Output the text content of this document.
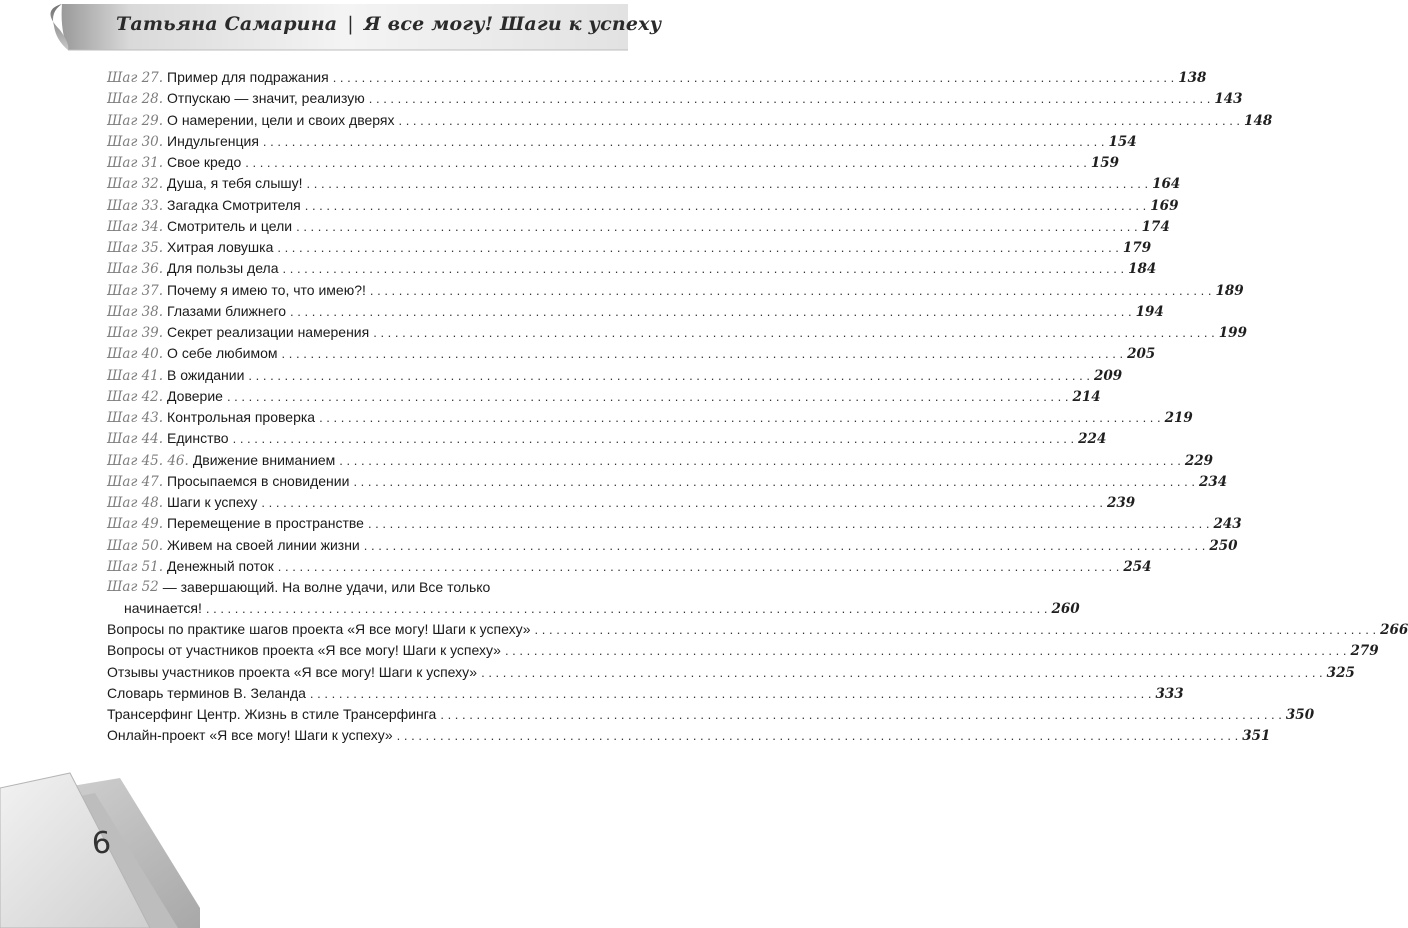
Татьяна Самарина | Я все могу! Шаги к успеху
Шаг 27. Пример для подражания . . .	138
Шаг 28. Отпускаю — значит, реализую . . .	143
Шаг 29. О намерении, цели и своих дверях . . .	148
Шаг 30. Индульгенция . . .	154
Шаг 31. Свое кредо . . .	159
Шаг 32. Душа, я тебя слышу! . . .	164
Шаг 33. Загадка Смотрителя . . .	169
Шаг 34. Смотритель и цели . . .	174
Шаг 35. Хитрая ловушка . . .	179
Шаг 36. Для пользы дела . . .	184
Шаг 37. Почему я имею то, что имею?! . . .	189
Шаг 38. Глазами ближнего . . .	194
Шаг 39. Секрет реализации намерения . . .	199
Шаг 40. О себе любимом . . .	205
Шаг 41. В ожидании . . .	209
Шаг 42. Доверие . . .	214
Шаг 43. Контрольная проверка . . .	219
Шаг 44. Единство . . .	224
Шаг 45. 46. Движение вниманием . . .	229
Шаг 47. Просыпаемся в сновидении . . .	234
Шаг 48. Шаги к успеху . . .	239
Шаг 49. Перемещение в пространстве . . .	243
Шаг 50. Живем на своей линии жизни . . .	250
Шаг 51. Денежный поток . . .	254
Шаг 52 — завершающий. На волне удачи, или Все только
начинается! . . .	260
Вопросы по практике шагов проекта «Я все могу! Шаги к успеху» . . .	266
Вопросы от участников проекта «Я все могу! Шаги к успеху» . . .	279
Отзывы участников проекта «Я все могу! Шаги к успеху» . . .	325
Словарь терминов В. Зеланда . . .	333
Трансерфинг Центр. Жизнь в стиле Трансерфинга . . .	350
Онлайн-проект «Я все могу! Шаги к успеху» . . .	351
6
